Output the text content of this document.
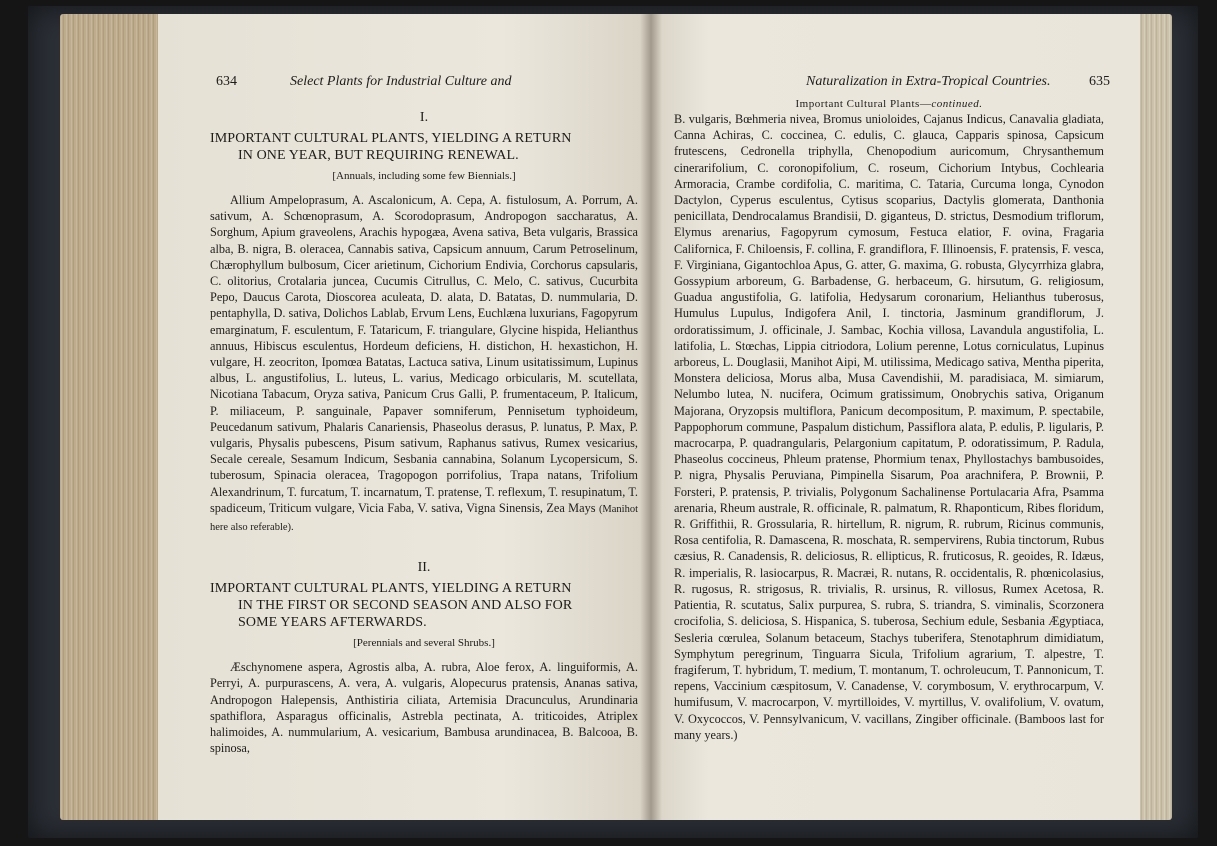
634	Select Plants for Industrial Culture and
I.
IMPORTANT CULTURAL PLANTS, YIELDING A RETURN
IN ONE YEAR, BUT REQUIRING RENEWAL.
[Annuals, including some few Biennials.]

Allium Ampeloprasum, A. Ascalonicum, A. Cepa, A. fistulosum, A. Porrum, A. sativum, A. Schœnoprasum, A. Scorodoprasum, Andropogon saccharatus, A. Sorghum, Apium graveolens, Arachis hypogæa, Avena sativa, Beta vulgaris, Brassica alba, B. nigra, B. oleracea, Cannabis sativa, Capsicum annuum, Carum Petroselinum, Chærophyllum bulbosum, Cicer arietinum, Cichorium Endivia, Corchorus capsularis, C. olitorius, Crotalaria juncea, Cucumis Citrullus, C. Melo, C. sativus, Cucurbita Pepo, Daucus Carota, Dioscorea aculeata, D. alata, D. Batatas, D. nummularia, D. pentaphylla, D. sativa, Dolichos Lablab, Ervum Lens, Euchlæna luxurians, Fagopyrum emarginatum, F. esculentum, F. Tataricum, F. triangulare, Glycine hispida, Helianthus annuus, Hibiscus esculentus, Hordeum deficiens, H. distichon, H. hexastichon, H. vulgare, H. zeocriton, Ipomœa Batatas, Lactuca sativa, Linum usitatissimum, Lupinus albus, L. angustifolius, L. luteus, L. varius, Medicago orbicularis, M. scutellata, Nicotiana Tabacum, Oryza sativa, Panicum Crus Galli, P. frumentaceum, P. Italicum, P. miliaceum, P. sanguinale, Papaver somniferum, Pennisetum typhoideum, Peucedanum sativum, Phalaris Canariensis, Phaseolus derasus, P. lunatus, P. Max, P. vulgaris, Physalis pubescens, Pisum sativum, Raphanus sativus, Rumex vesicarius, Secale cereale, Sesamum Indicum, Sesbania cannabina, Solanum Lycopersicum, S. tuberosum, Spinacia oleracea, Tragopogon porrifolius, Trapa natans, Trifolium Alexandrinum, T. furcatum, T. incarnatum, T. pratense, T. reflexum, T. resupinatum, T. spadiceum, Triticum vulgare, Vicia Faba, V. sativa, Vigna Sinensis, Zea Mays (Manihot here also referable).

II.
IMPORTANT CULTURAL PLANTS, YIELDING A RETURN
IN THE FIRST OR SECOND SEASON AND ALSO FOR
SOME YEARS AFTERWARDS.
[Perennials and several Shrubs.]

Æschynomene aspera, Agrostis alba, A. rubra, Aloe ferox, A. linguiformis, A. Perryi, A. purpurascens, A. vera, A. vulgaris, Alopecurus pratensis, Ananas sativa, Andropogon Halepensis, Anthistiria ciliata, Artemisia Dracunculus, Arundinaria spathiflora, Asparagus officinalis, Astrebla pectinata, A. triticoides, Atriplex halimoides, A. nummularium, A. vesicarium, Bambusa arundinacea, B. Balcooa, B. spinosa,

Naturalization in Extra-Tropical Countries.	635
Important Cultural Plants—continued.

B. vulgaris, Bœhmeria nivea, Bromus unioloides, Cajanus Indicus, Canavalia gladiata, Canna Achiras, C. coccinea, C. edulis, C. glauca, Capparis spinosa, Capsicum frutescens, Cedronella triphylla, Chenopodium auricomum, Chrysanthemum cinerarifolium, C. coronopifolium, C. roseum, Cichorium Intybus, Cochlearia Armoracia, Crambe cordifolia, C. maritima, C. Tataria, Curcuma longa, Cynodon Dactylon, Cyperus esculentus, Cytisus scoparius, Dactylis glomerata, Danthonia penicillata, Dendrocalamus Brandisii, D. giganteus, D. strictus, Desmodium triflorum, Elymus arenarius, Fagopyrum cymosum, Festuca elatior, F. ovina, Fragaria Californica, F. Chiloensis, F. collina, F. grandiflora, F. Illinoensis, F. pratensis, F. vesca, F. Virginiana, Gigantochloa Apus, G. atter, G. maxima, G. robusta, Glycyrrhiza glabra, Gossypium arboreum, G. Barbadense, G. herbaceum, G. hirsutum, G. religiosum, Guadua angustifolia, G. latifolia, Hedysarum coronarium, Helianthus tuberosus, Humulus Lupulus, Indigofera Anil, I. tinctoria, Jasminum grandiflorum, J. ordoratissimum, J. officinale, J. Sambac, Kochia villosa, Lavandula angustifolia, L. latifolia, L. Stœchas, Lippia citriodora, Lolium perenne, Lotus corniculatus, Lupinus arboreus, L. Douglasii, Manihot Aipi, M. utilissima, Medicago sativa, Mentha piperita, Monstera deliciosa, Morus alba, Musa Cavendishii, M. paradisiaca, M. simiarum, Nelumbo lutea, N. nucifera, Ocimum gratissimum, Onobrychis sativa, Origanum Majorana, Oryzopsis multiflora, Panicum decompositum, P. maximum, P. spectabile, Pappophorum commune, Paspalum distichum, Passiflora alata, P. edulis, P. ligularis, P. macrocarpa, P. quadrangularis, Pelargonium capitatum, P. odoratissimum, P. Radula, Phaseolus coccineus, Phleum pratense, Phormium tenax, Phyllostachys bambusoides, P. nigra, Physalis Peruviana, Pimpinella Sisarum, Poa arachnifera, P. Brownii, P. Forsteri, P. pratensis, P. trivialis, Polygonum Sachalinense Portulacaria Afra, Psamma arenaria, Rheum australe, R. officinale, R. palmatum, R. Rhaponticum, Ribes floridum, R. Griffithii, R. Grossularia, R. hirtellum, R. nigrum, R. rubrum, Ricinus communis, Rosa centifolia, R. Damascena, R. moschata, R. sempervirens, Rubia tinctorum, Rubus cæsius, R. Canadensis, R. deliciosus, R. ellipticus, R. fruticosus, R. geoides, R. Idæus, R. imperialis, R. lasiocarpus, R. Macræi, R. nutans, R. occidentalis, R. phœnicolasius, R. rugosus, R. strigosus, R. trivialis, R. ursinus, R. villosus, Rumex Acetosa, R. Patientia, R. scutatus, Salix purpurea, S. rubra, S. triandra, S. viminalis, Scorzonera crocifolia, S. deliciosa, S. Hispanica, S. tuberosa, Sechium edule, Sesbania Ægyptiaca, Sesleria cœrulea, Solanum betaceum, Stachys tuberifera, Stenotaphrum dimidiatum, Symphytum peregrinum, Tinguarra Sicula, Trifolium agrarium, T. alpestre, T. fragiferum, T. hybridum, T. medium, T. montanum, T. ochroleucum, T. Pannonicum, T. repens, Vaccinium cæspitosum, V. Canadense, V. corymbosum, V. erythrocarpum, V. humifusum, V. macrocarpon, V. myrtilloides, V. myrtillus, V. ovalifolium, V. ovatum, V. Oxycoccos, V. Pennsylvanicum, V. vacillans, Zingiber officinale. (Bamboos last for many years.)
